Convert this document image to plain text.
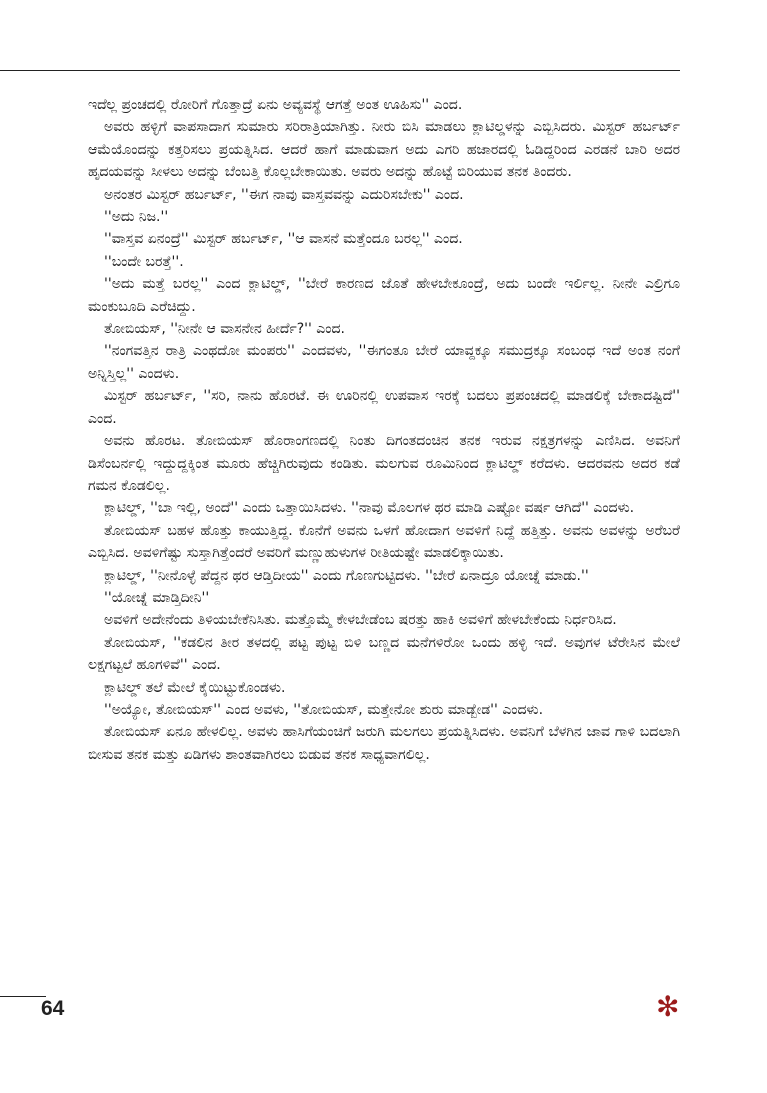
ಇದೆಲ್ಲ ಪ್ರಂಚದಲ್ಲಿ ರೋರಿಗೆ ಗೊತ್ತಾದ್ರೆ ಏನು ಅವ್ಯವಸ್ಥೆ ಆಗತ್ತೆ ಅಂತ ಊಹಿಸು'' ಎಂದ.

ಅವರು ಹಳ್ಳಿಗೆ ವಾಪಸಾದಾಗ ಸುಮಾರು ಸರಿರಾತ್ರಿಯಾಗಿತ್ತು. ನೀರು ಬಿಸಿ ಮಾಡಲು ಕ್ಲಾಟಿಲ್ಡಳನ್ನು ಎಬ್ಬಿಸಿದರು. ಮಿಸ್ಟರ್ ಹರ್ಬರ್ಟ್ ಆಮೆಯೊಂದನ್ನು ಕತ್ತರಿಸಲು ಪ್ರಯತ್ನಿಸಿದ. ಆದರೆ ಹಾಗೆ ಮಾಡುವಾಗ ಅದು ಎಗರಿ ಹಜಾರದಲ್ಲಿ ಓಡಿದ್ದರಿಂದ ಎರಡನೆ ಬಾರಿ ಅದರ ಹೃದಯವನ್ನು ಸೀಳಲು ಅದನ್ನು ಬೆಂಬತ್ತಿ ಕೊಲ್ಲಬೇಕಾಯಿತು. ಅವರು ಅದನ್ನು ಹೊಟ್ಟೆ ಬಿರಿಯುವ ತನಕ ತಿಂದರು.

ಅನಂತರ ಮಿಸ್ಟರ್ ಹರ್ಬರ್ಟ್, ''ಈಗ ನಾವು ವಾಸ್ತವವನ್ನು ಎದುರಿಸಬೇಕು'' ಎಂದ.

''ಅದು ನಿಜ.''

''ವಾಸ್ತವ ಏನಂದ್ರೆ'' ಮಿಸ್ಟರ್ ಹರ್ಬರ್ಟ್, ''ಆ ವಾಸನೆ ಮತ್ತೆಂದೂ ಬರಲ್ಲ'' ಎಂದ.

''ಬಂದೇ ಬರತ್ತೆ''.

''ಅದು ಮತ್ತೆ ಬರಲ್ಲ'' ಎಂದ ಕ್ಲಾಟಿಲ್ಡ್, ''ಬೇರೆ ಕಾರಣದ ಜೊತೆ ಹೇಳಬೇಕೂಂದ್ರೆ, ಅದು ಬಂದೇ ಇರ್ಲಿಲ್ಲ. ನೀನೇ ಎಲ್ರಿಗೂ ಮಂಕುಬೂದಿ ಎರೆಚಿದ್ದು.

ತೋಬಿಯಸ್, ''ನೀನೇ ಆ ವಾಸನೇನ ಹೀರ್ದೆ?'' ಎಂದ.

''ನಂಗವತ್ತಿನ ರಾತ್ರಿ ಎಂಥದೋ ಮಂಪರು'' ಎಂದವಳು, ''ಈಗಂತೂ ಬೇರೆ ಯಾವ್ದಕ್ಕೂ ಸಮುದ್ರಕ್ಕೂ ಸಂಬಂಧ ಇದೆ ಅಂತ ನಂಗೆ ಅನ್ನಿಸ್ತಿಲ್ಲ'' ಎಂದಳು.

ಮಿಸ್ಟರ್ ಹರ್ಬರ್ಟ್, ''ಸರಿ, ನಾನು ಹೊರಟೆ. ಈ ಊರಿನಲ್ಲಿ ಉಪವಾಸ ಇರಕ್ಕೆ ಬದಲು ಪ್ರಪಂಚದಲ್ಲಿ ಮಾಡಲಿಕ್ಕೆ ಬೇಕಾದಷ್ಟಿದೆ'' ಎಂದ.

ಅವನು ಹೊರಟ. ತೋಬಿಯಸ್ ಹೊರಾಂಗಣದಲ್ಲಿ ನಿಂತು ದಿಗಂತದಂಚಿನ ತನಕ ಇರುವ ನಕ್ಷತ್ರಗಳನ್ನು ಎಣಿಸಿದ. ಅವನಿಗೆ ಡಿಸೆಂಬರ್ನಲ್ಲಿ ಇದ್ದುದ್ದಕ್ಕಿಂತ ಮೂರು ಹೆಚ್ಚಿಗಿರುವುದು ಕಂಡಿತು. ಮಲಗುವ ರೂಮಿನಿಂದ ಕ್ಲಾಟಿಲ್ಡ್ ಕರೆದಳು. ಆದರವನು ಅದರ ಕಡೆ ಗಮನ ಕೊಡಲಿಲ್ಲ.

ಕ್ಲಾಟಿಲ್ಡ್, ''ಬಾ ಇಲ್ಲಿ, ಅಂದೆ'' ಎಂದು ಒತ್ತಾಯಿಸಿದಳು. ''ನಾವು ಮೊಲಗಳ ಥರ ಮಾಡಿ ಎಷ್ಟೋ ವರ್ಷ ಆಗಿದೆ'' ಎಂದಳು.

ತೋಬಿಯಸ್ ಬಹಳ ಹೊತ್ತು ಕಾಯುತ್ತಿದ್ದ. ಕೊನೆಗೆ ಅವನು ಒಳಗೆ ಹೋದಾಗ ಅವಳಿಗೆ ನಿದ್ದೆ ಹತ್ತಿತ್ತು. ಅವನು ಅವಳನ್ನು ಅರೆಬರೆ ಎಬ್ಬಿಸಿದ. ಅವಳಿಗೆಷ್ಟು ಸುಸ್ತಾಗಿತ್ತೆಂದರೆ ಅವರಿಗೆ ಮಣ್ಣುಹುಳುಗಳ ರೀತಿಯಷ್ಟೇ ಮಾಡಲಿಕ್ಕಾಯಿತು.

ಕ್ಲಾಟಿಲ್ಡ್, ''ನೀನೊಳ್ಳೆ ಪೆದ್ದನ ಥರ ಆಡ್ತಿದೀಯ'' ಎಂದು ಗೊಣಗುಟ್ಟಿದಳು. ''ಬೇರೆ ಏನಾದ್ರೂ ಯೋಚ್ನೆ ಮಾಡು.''

''ಯೋಚ್ನೆ ಮಾಡ್ತಿದೀನಿ''

ಅವಳಿಗೆ ಅದೇನೆಂದು ತಿಳಿಯಬೇಕೆನಿಸಿತು. ಮತ್ತೊಮ್ಮೆ ಕೇಳಬೇಡೆಂಬ ಷರತ್ತು ಹಾಕಿ ಅವಳಿಗೆ ಹೇಳಬೇಕೆಂದು ನಿರ್ಧರಿಸಿದ.

ತೋಬಿಯಸ್, ''ಕಡಲಿನ ತೀರ ತಳದಲ್ಲಿ ಪಟ್ಟ ಪುಟ್ಟ ಬಿಳಿ ಬಣ್ಣದ ಮನೆಗಳಿರೋ ಒಂದು ಹಳ್ಳಿ ಇದೆ. ಅವುಗಳ ಟೆರೇಸಿನ ಮೇಲೆ ಲಕ್ಷಗಟ್ಟಲೆ ಹೂಗಳಿವೆ'' ಎಂದ.

ಕ್ಲಾಟಿಲ್ಡ್ ತಲೆ ಮೇಲೆ ಕೈಯಿಟ್ಟುಕೊಂಡಳು.

''ಅಯ್ಯೋ, ತೋಬಿಯಸ್'' ಎಂದ ಅವಳು, ''ತೋಬಿಯಸ್, ಮತ್ತೇನೋ ಶುರು ಮಾಡ್ಬೇಡ'' ಎಂದಳು.

ತೋಬಿಯಸ್ ಏನೂ ಹೇಳಲಿಲ್ಲ. ಅವಳು ಹಾಸಿಗೆಯಂಚಿಗೆ ಜರುಗಿ ಮಲಗಲು ಪ್ರಯತ್ನಿಸಿದಳು. ಅವನಿಗೆ ಬೆಳಗಿನ ಜಾವ ಗಾಳಿ ಬದಲಾಗಿ ಬೀಸುವ ತನಕ ಮತ್ತು ಏಡಿಗಳು ಶಾಂತವಾಗಿರಲು ಬಿಡುವ ತನಕ ಸಾಧ್ಯವಾಗಲಿಲ್ಲ.

64	✻
